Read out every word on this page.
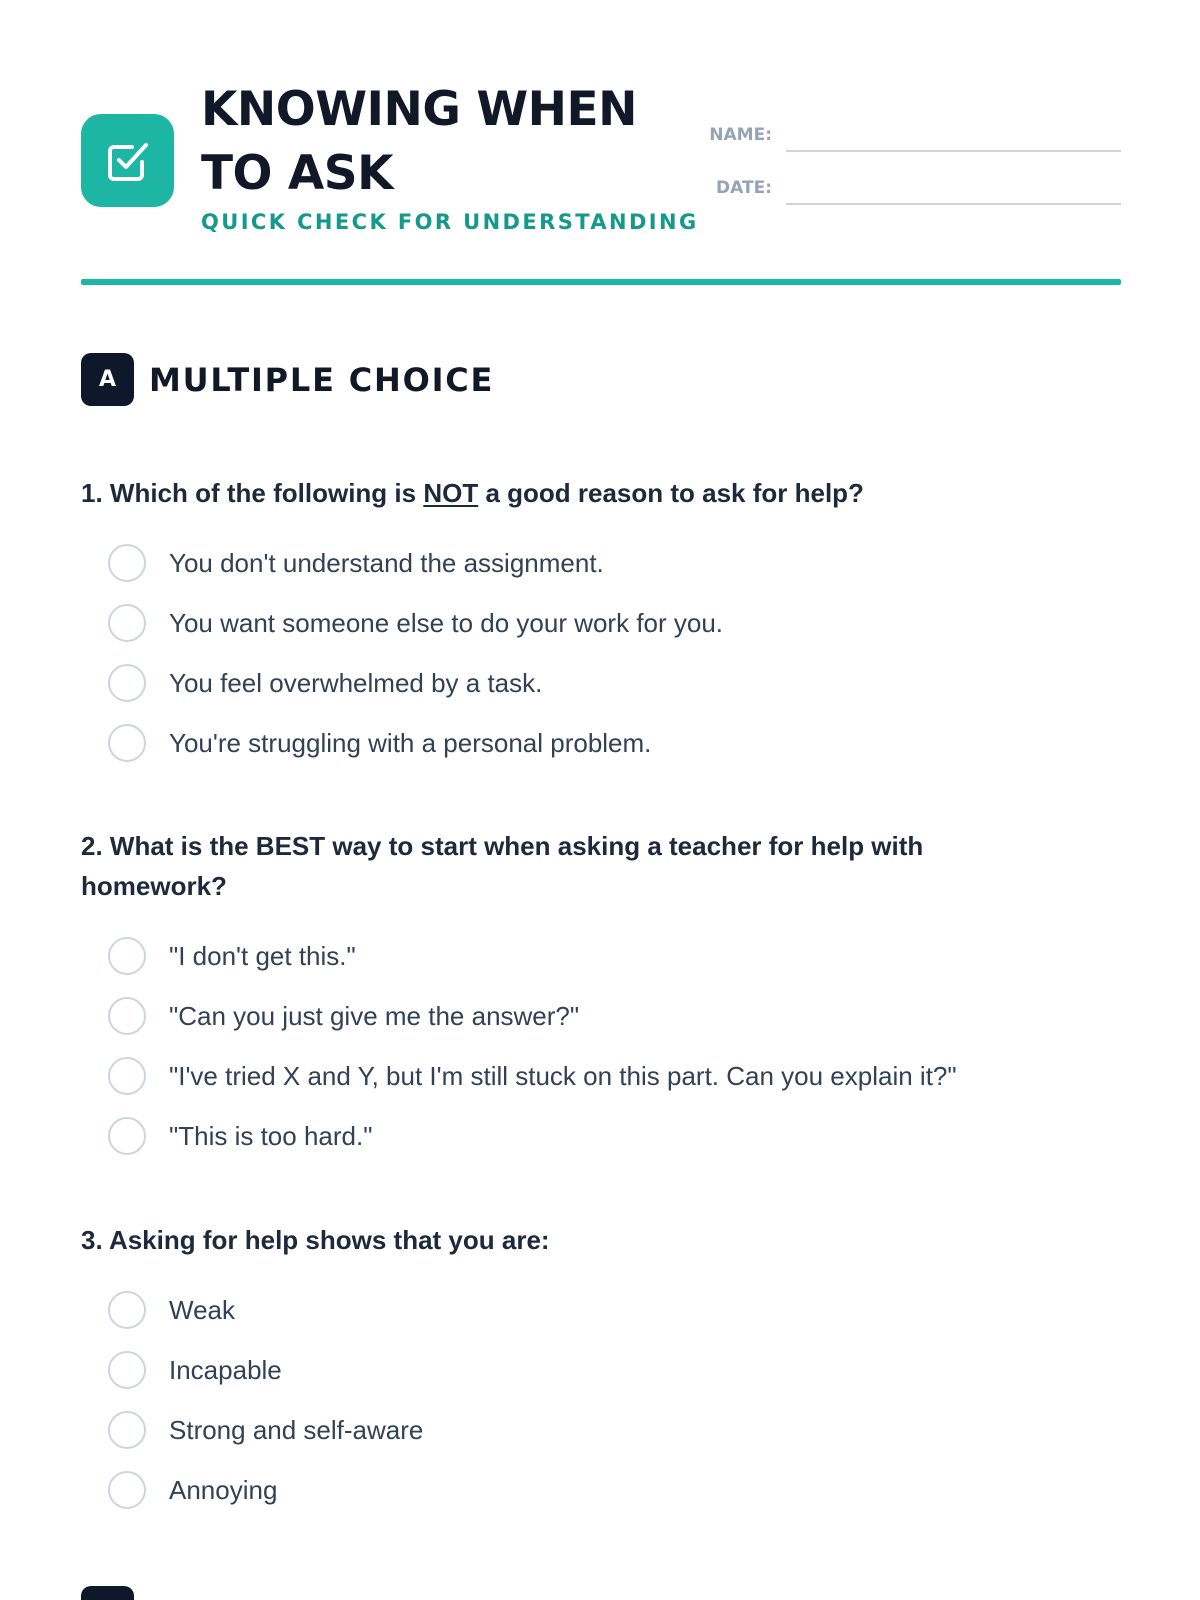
KNOWING WHEN TO ASK
QUICK CHECK FOR UNDERSTANDING
NAME:
DATE:
A	MULTIPLE CHOICE

1. Which of the following is NOT a good reason to ask for help?

You don't understand the assignment.
You want someone else to do your work for you.
You feel overwhelmed by a task.
You're struggling with a personal problem.

2. What is the BEST way to start when asking a teacher for help with homework?

"I don't get this."
"Can you just give me the answer?"
"I've tried X and Y, but I'm still stuck on this part. Can you explain it?"
"This is too hard."

3. Asking for help shows that you are:

Weak
Incapable
Strong and self-aware
Annoying
